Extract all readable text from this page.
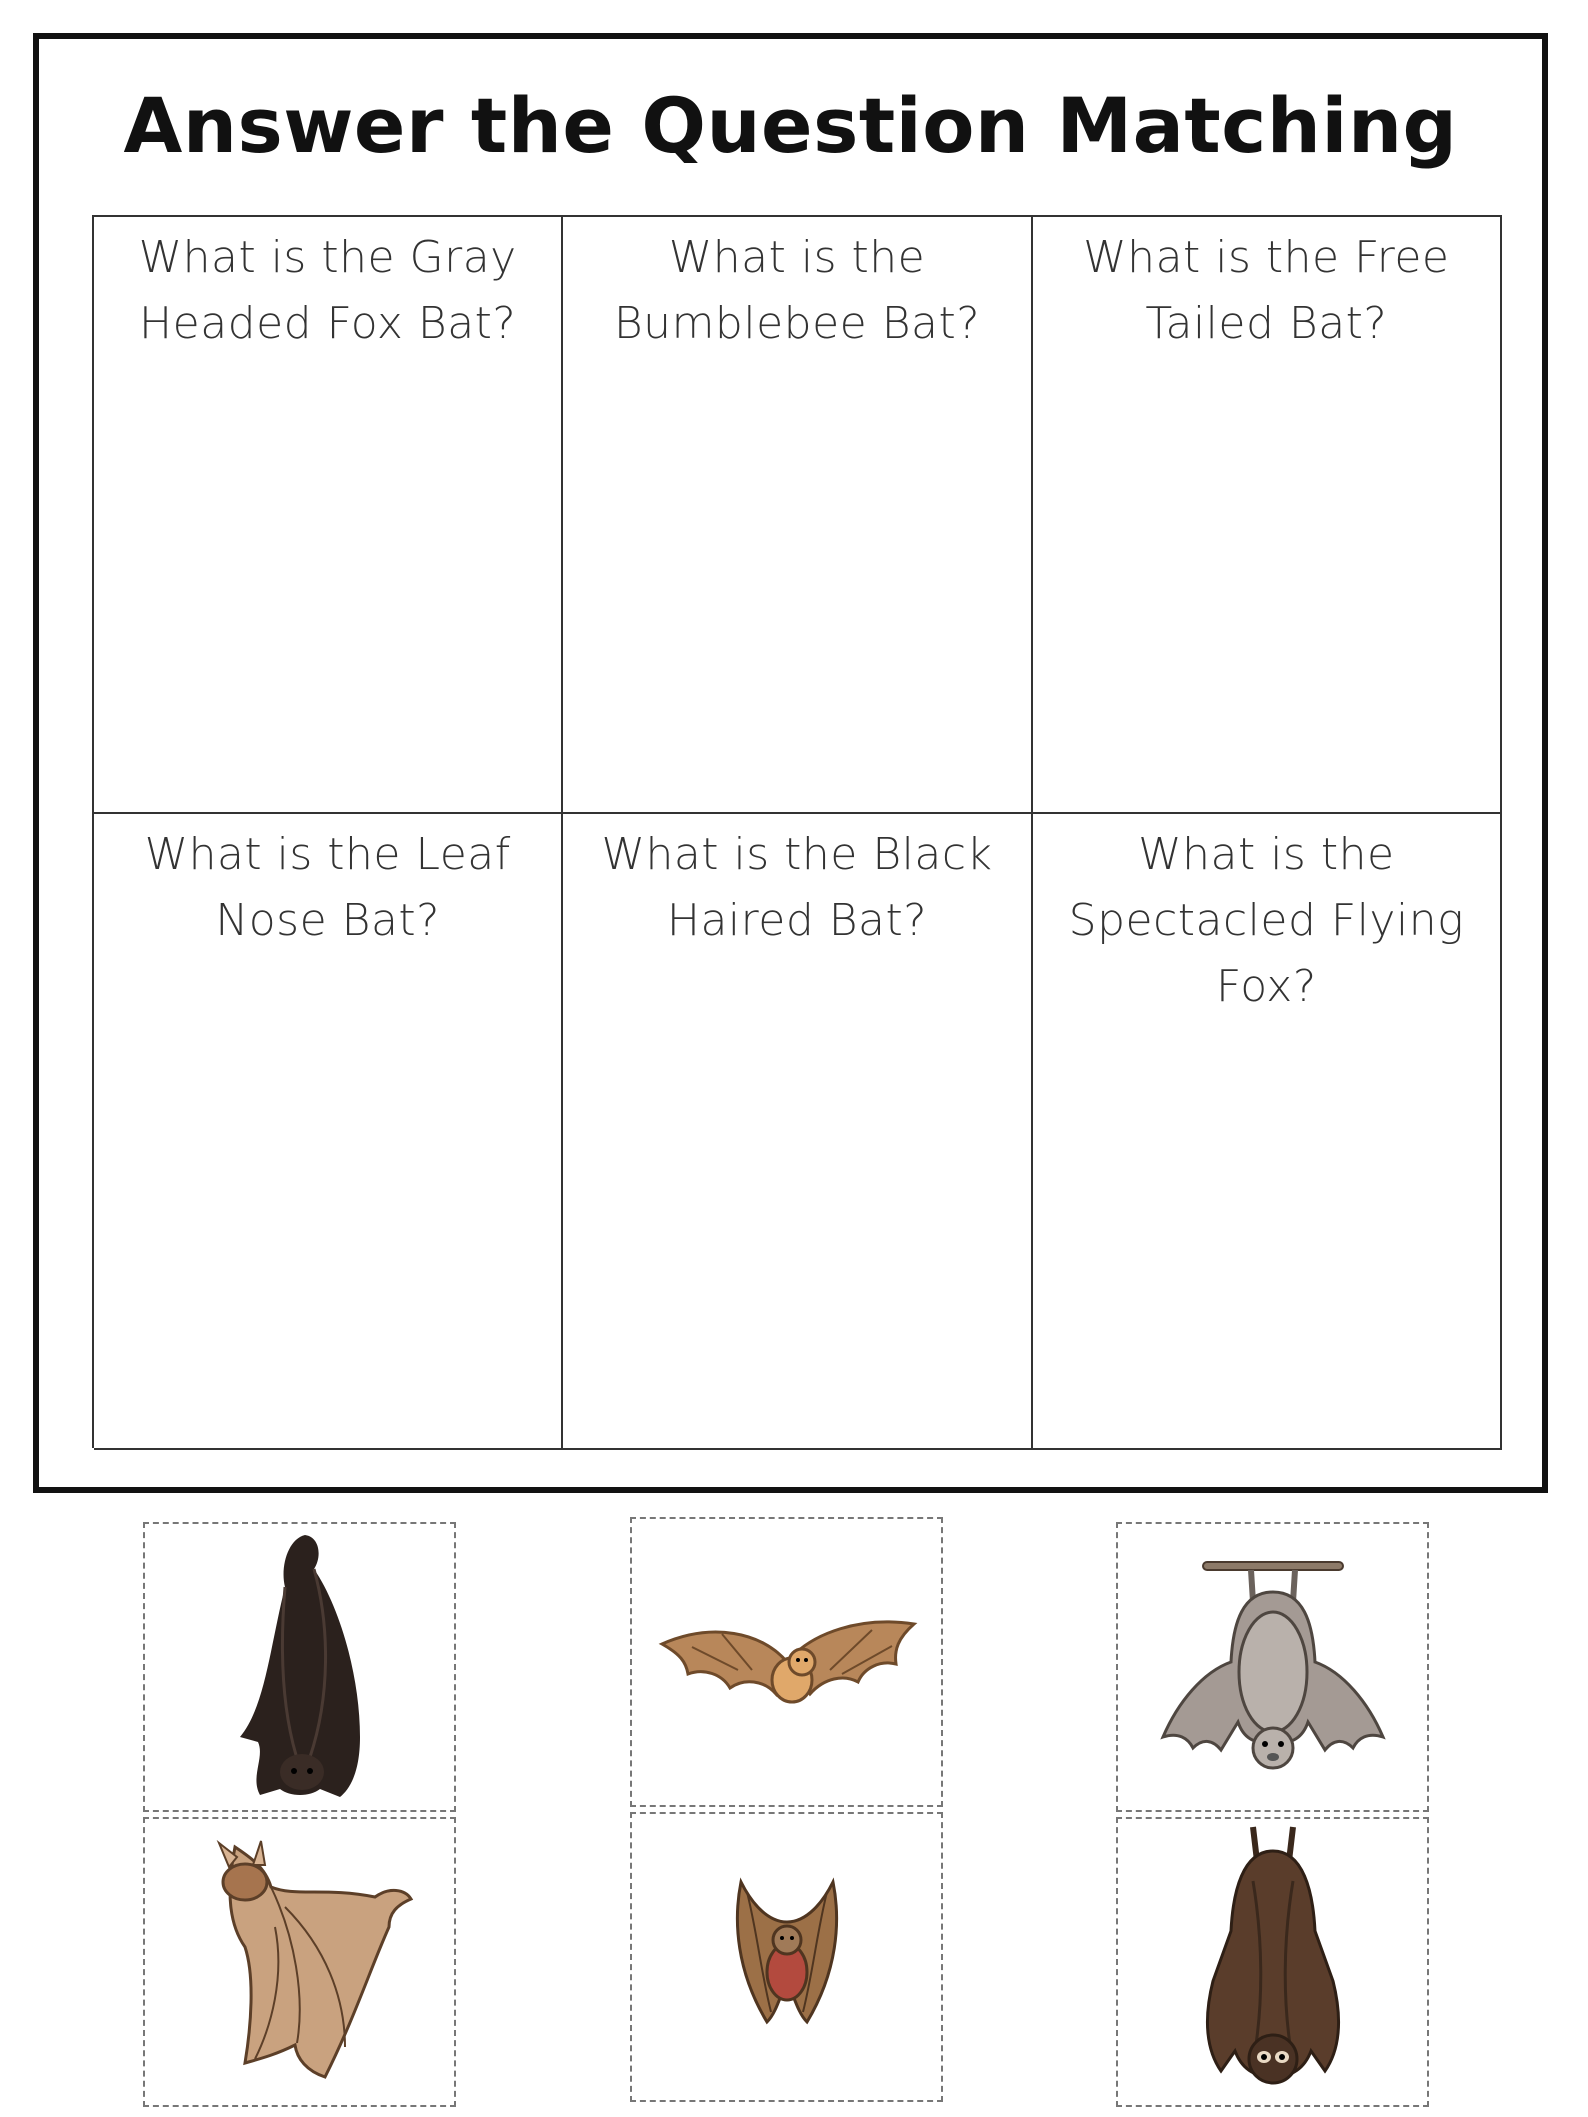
Answer the Question Matching
What is the Gray Headed Fox Bat?
What is the Bumblebee Bat?
What is the Free Tailed Bat?
What is the Leaf Nose Bat?
What is the Black Haired Bat?
What is the Spectacled Flying Fox?
